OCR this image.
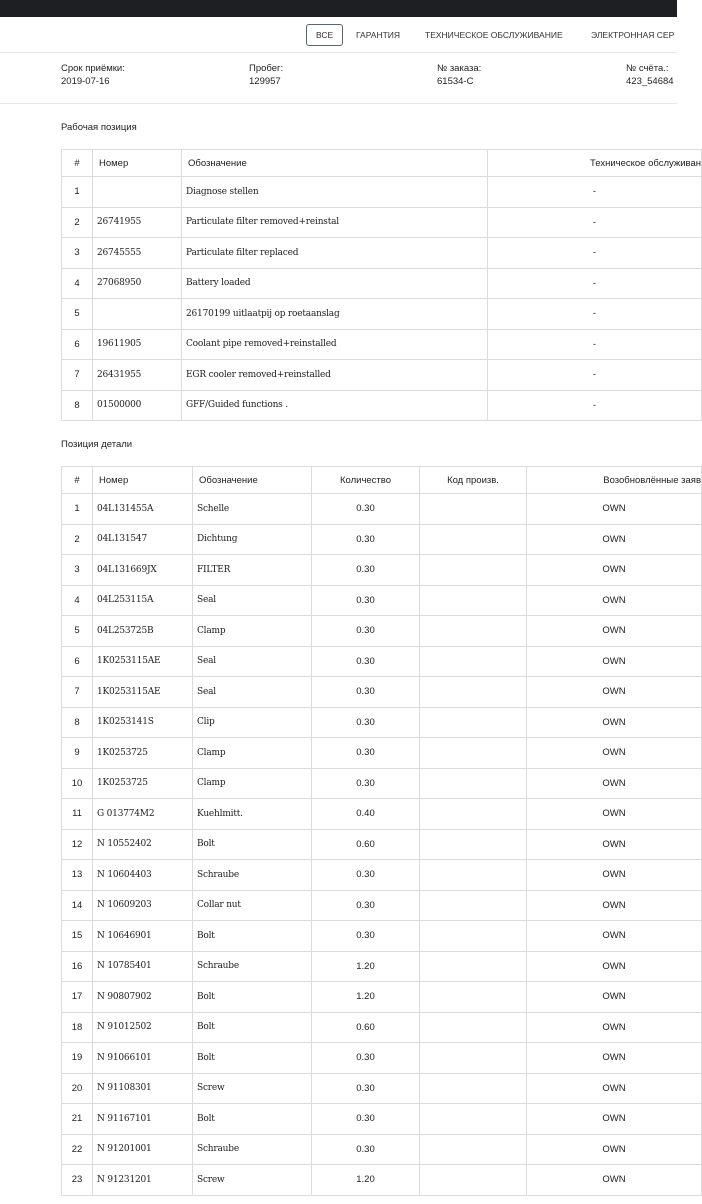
ВСЕ	ГАРАНТИЯ	ТЕХНИЧЕСКОЕ ОБСЛУЖИВАНИЕ	ЭЛЕКТРОННАЯ СЕР
Срок приёмки:
2019-07-16
Пробег:
129957
№ заказа:
61534-C
№ счёта.:
423_54684
Рабочая позиция
#	Номер	Обозначение	Техническое обслуживан
1		Diagnose stellen	-
2	26741955	Particulate filter removed+reinstal	-
3	26745555	Particulate filter replaced	-
4	27068950	Battery loaded	-
5		26170199 uitlaatpij op roetaanslag	-
6	19611905	Coolant pipe removed+reinstalled	-
7	26431955	EGR cooler removed+reinstalled	-
8	01500000	GFF/Guided functions .	-
Позиция детали
#	Номер	Обозначение	Количество	Код произв.	Возобновлённые заяв
1	04L131455A	Schelle	0.30		OWN
2	04L131547	Dichtung	0.30		OWN
3	04L131669JX	FILTER	0.30		OWN
4	04L253115A	Seal	0.30		OWN
5	04L253725B	Clamp	0.30		OWN
6	1K0253115AE	Seal	0.30		OWN
7	1K0253115AE	Seal	0.30		OWN
8	1K0253141S	Clip	0.30		OWN
9	1K0253725	Clamp	0.30		OWN
10	1K0253725	Clamp	0.30		OWN
11	G 013774M2	Kuehlmitt.	0.40		OWN
12	N 10552402	Bolt	0.60		OWN
13	N 10604403	Schraube	0.30		OWN
14	N 10609203	Collar nut	0.30		OWN
15	N 10646901	Bolt	0.30		OWN
16	N 10785401	Schraube	1.20		OWN
17	N 90807902	Bolt	1.20		OWN
18	N 91012502	Bolt	0.60		OWN
19	N 91066101	Bolt	0.30		OWN
20	N 91108301	Screw	0.30		OWN
21	N 91167101	Bolt	0.30		OWN
22	N 91201001	Schraube	0.30		OWN
23	N 91231201	Screw	1.20		OWN
